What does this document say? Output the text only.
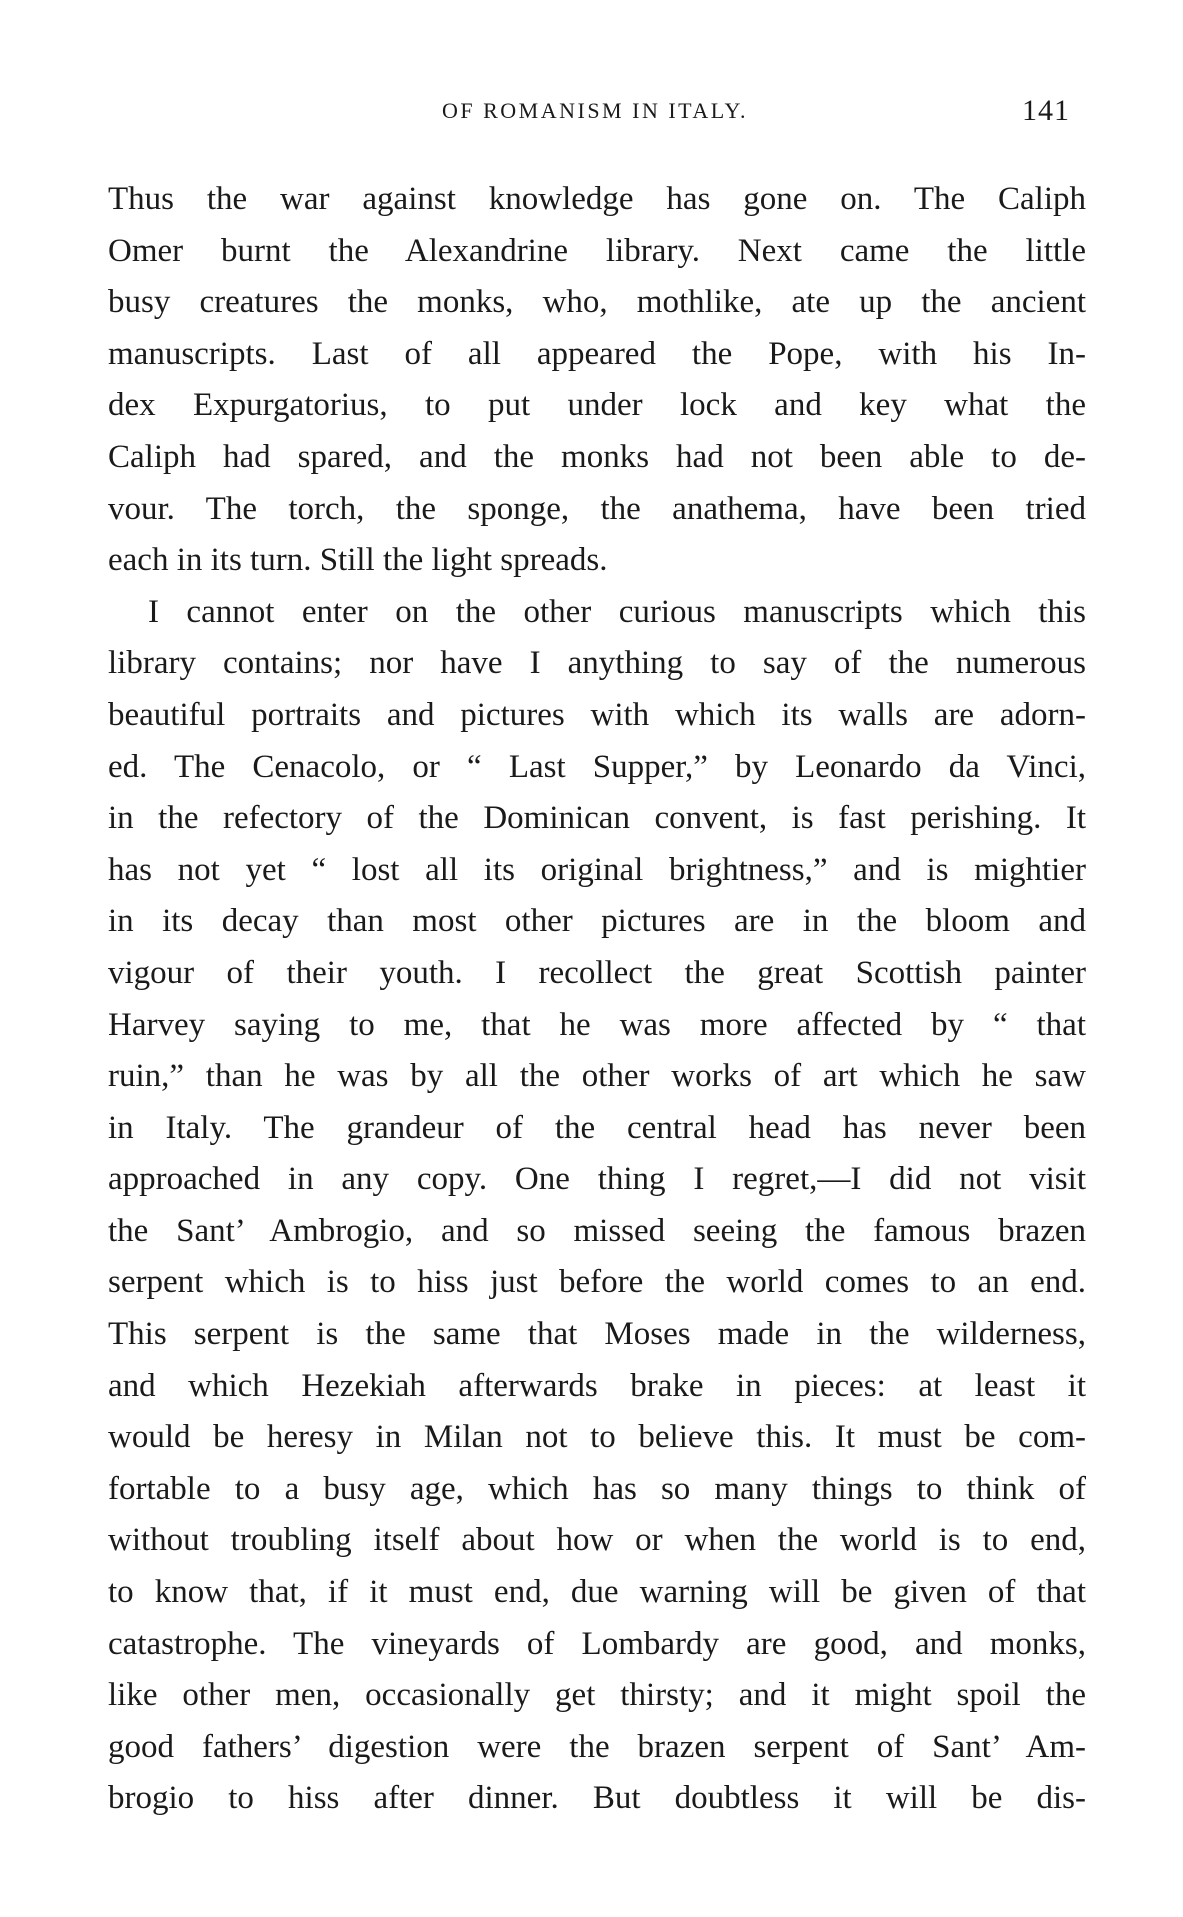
OF ROMANISM IN ITALY.	141
Thus the war against knowledge has gone on. The Caliph
Omer burnt the Alexandrine library. Next came the little
busy creatures the monks, who, mothlike, ate up the ancient
manuscripts. Last of all appeared the Pope, with his In-
dex Expurgatorius, to put under lock and key what the
Caliph had spared, and the monks had not been able to de-
vour. The torch, the sponge, the anathema, have been tried
each in its turn. Still the light spreads.
I cannot enter on the other curious manuscripts which this
library contains; nor have I anything to say of the numerous
beautiful portraits and pictures with which its walls are adorn-
ed. The Cenacolo, or “ Last Supper,” by Leonardo da Vinci,
in the refectory of the Dominican convent, is fast perishing. It
has not yet “ lost all its original brightness,” and is mightier
in its decay than most other pictures are in the bloom and
vigour of their youth. I recollect the great Scottish painter
Harvey saying to me, that he was more affected by “ that
ruin,” than he was by all the other works of art which he saw
in Italy. The grandeur of the central head has never been
approached in any copy. One thing I regret,—I did not visit
the Sant’ Ambrogio, and so missed seeing the famous brazen
serpent which is to hiss just before the world comes to an end.
This serpent is the same that Moses made in the wilderness,
and which Hezekiah afterwards brake in pieces: at least it
would be heresy in Milan not to believe this. It must be com-
fortable to a busy age, which has so many things to think of
without troubling itself about how or when the world is to end,
to know that, if it must end, due warning will be given of that
catastrophe. The vineyards of Lombardy are good, and monks,
like other men, occasionally get thirsty; and it might spoil the
good fathers’ digestion were the brazen serpent of Sant’ Am-
brogio to hiss after dinner. But doubtless it will be dis-
